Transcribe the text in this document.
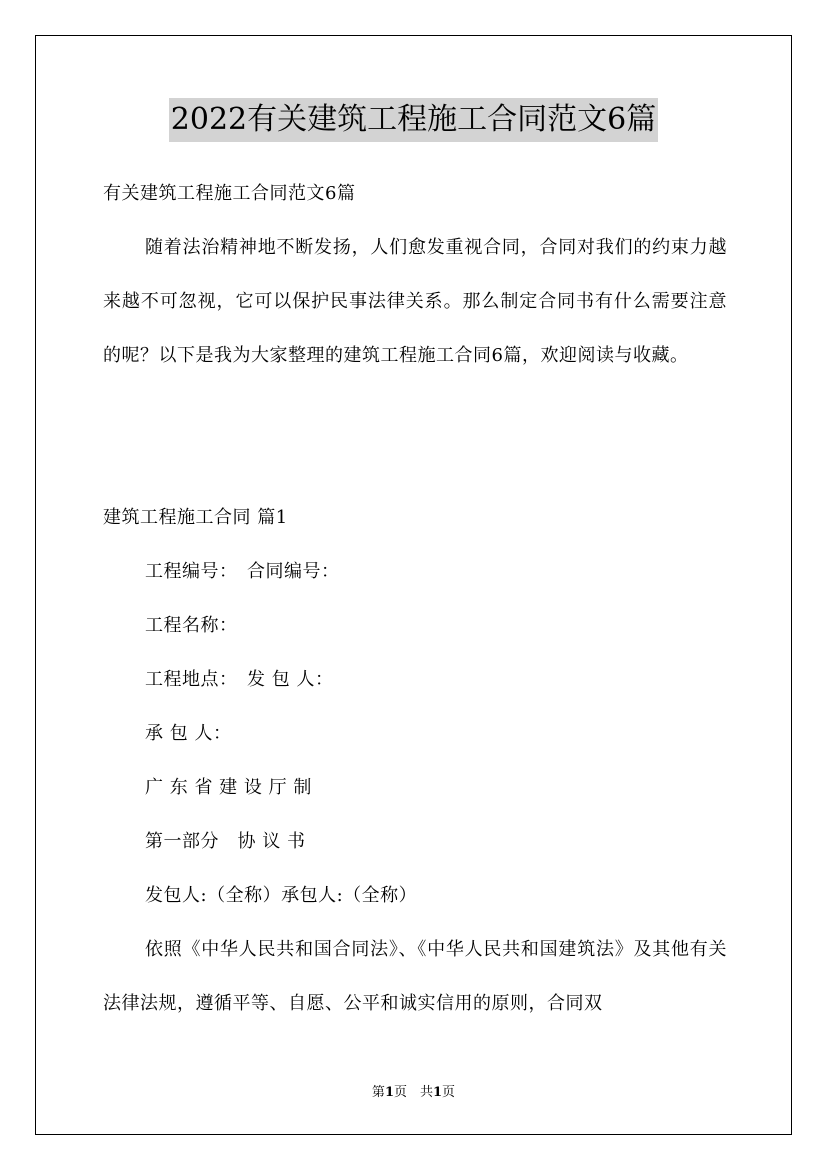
2022有关建筑工程施工合同范文6篇
有关建筑工程施工合同范文6篇
随着法治精神地不断发扬，人们愈发重视合同，合同对我们的约束力越来越不可忽视，它可以保护民事法律关系。那么制定合同书有什么需要注意的呢？以下是我为大家整理的建筑工程施工合同6篇，欢迎阅读与收藏。
建筑工程施工合同 篇1
工程编号：　合同编号：
工程名称：
工程地点：　发 包 人：
承 包 人：
广 东 省 建 设 厅 制
第一部分　协 议 书
发包人:（全称）承包人:（全称）
依照《中华人民共和国合同法》、《中华人民共和国建筑法》及其他有关法律法规，遵循平等、自愿、公平和诚实信用的原则，合同双
第1页　共1页
